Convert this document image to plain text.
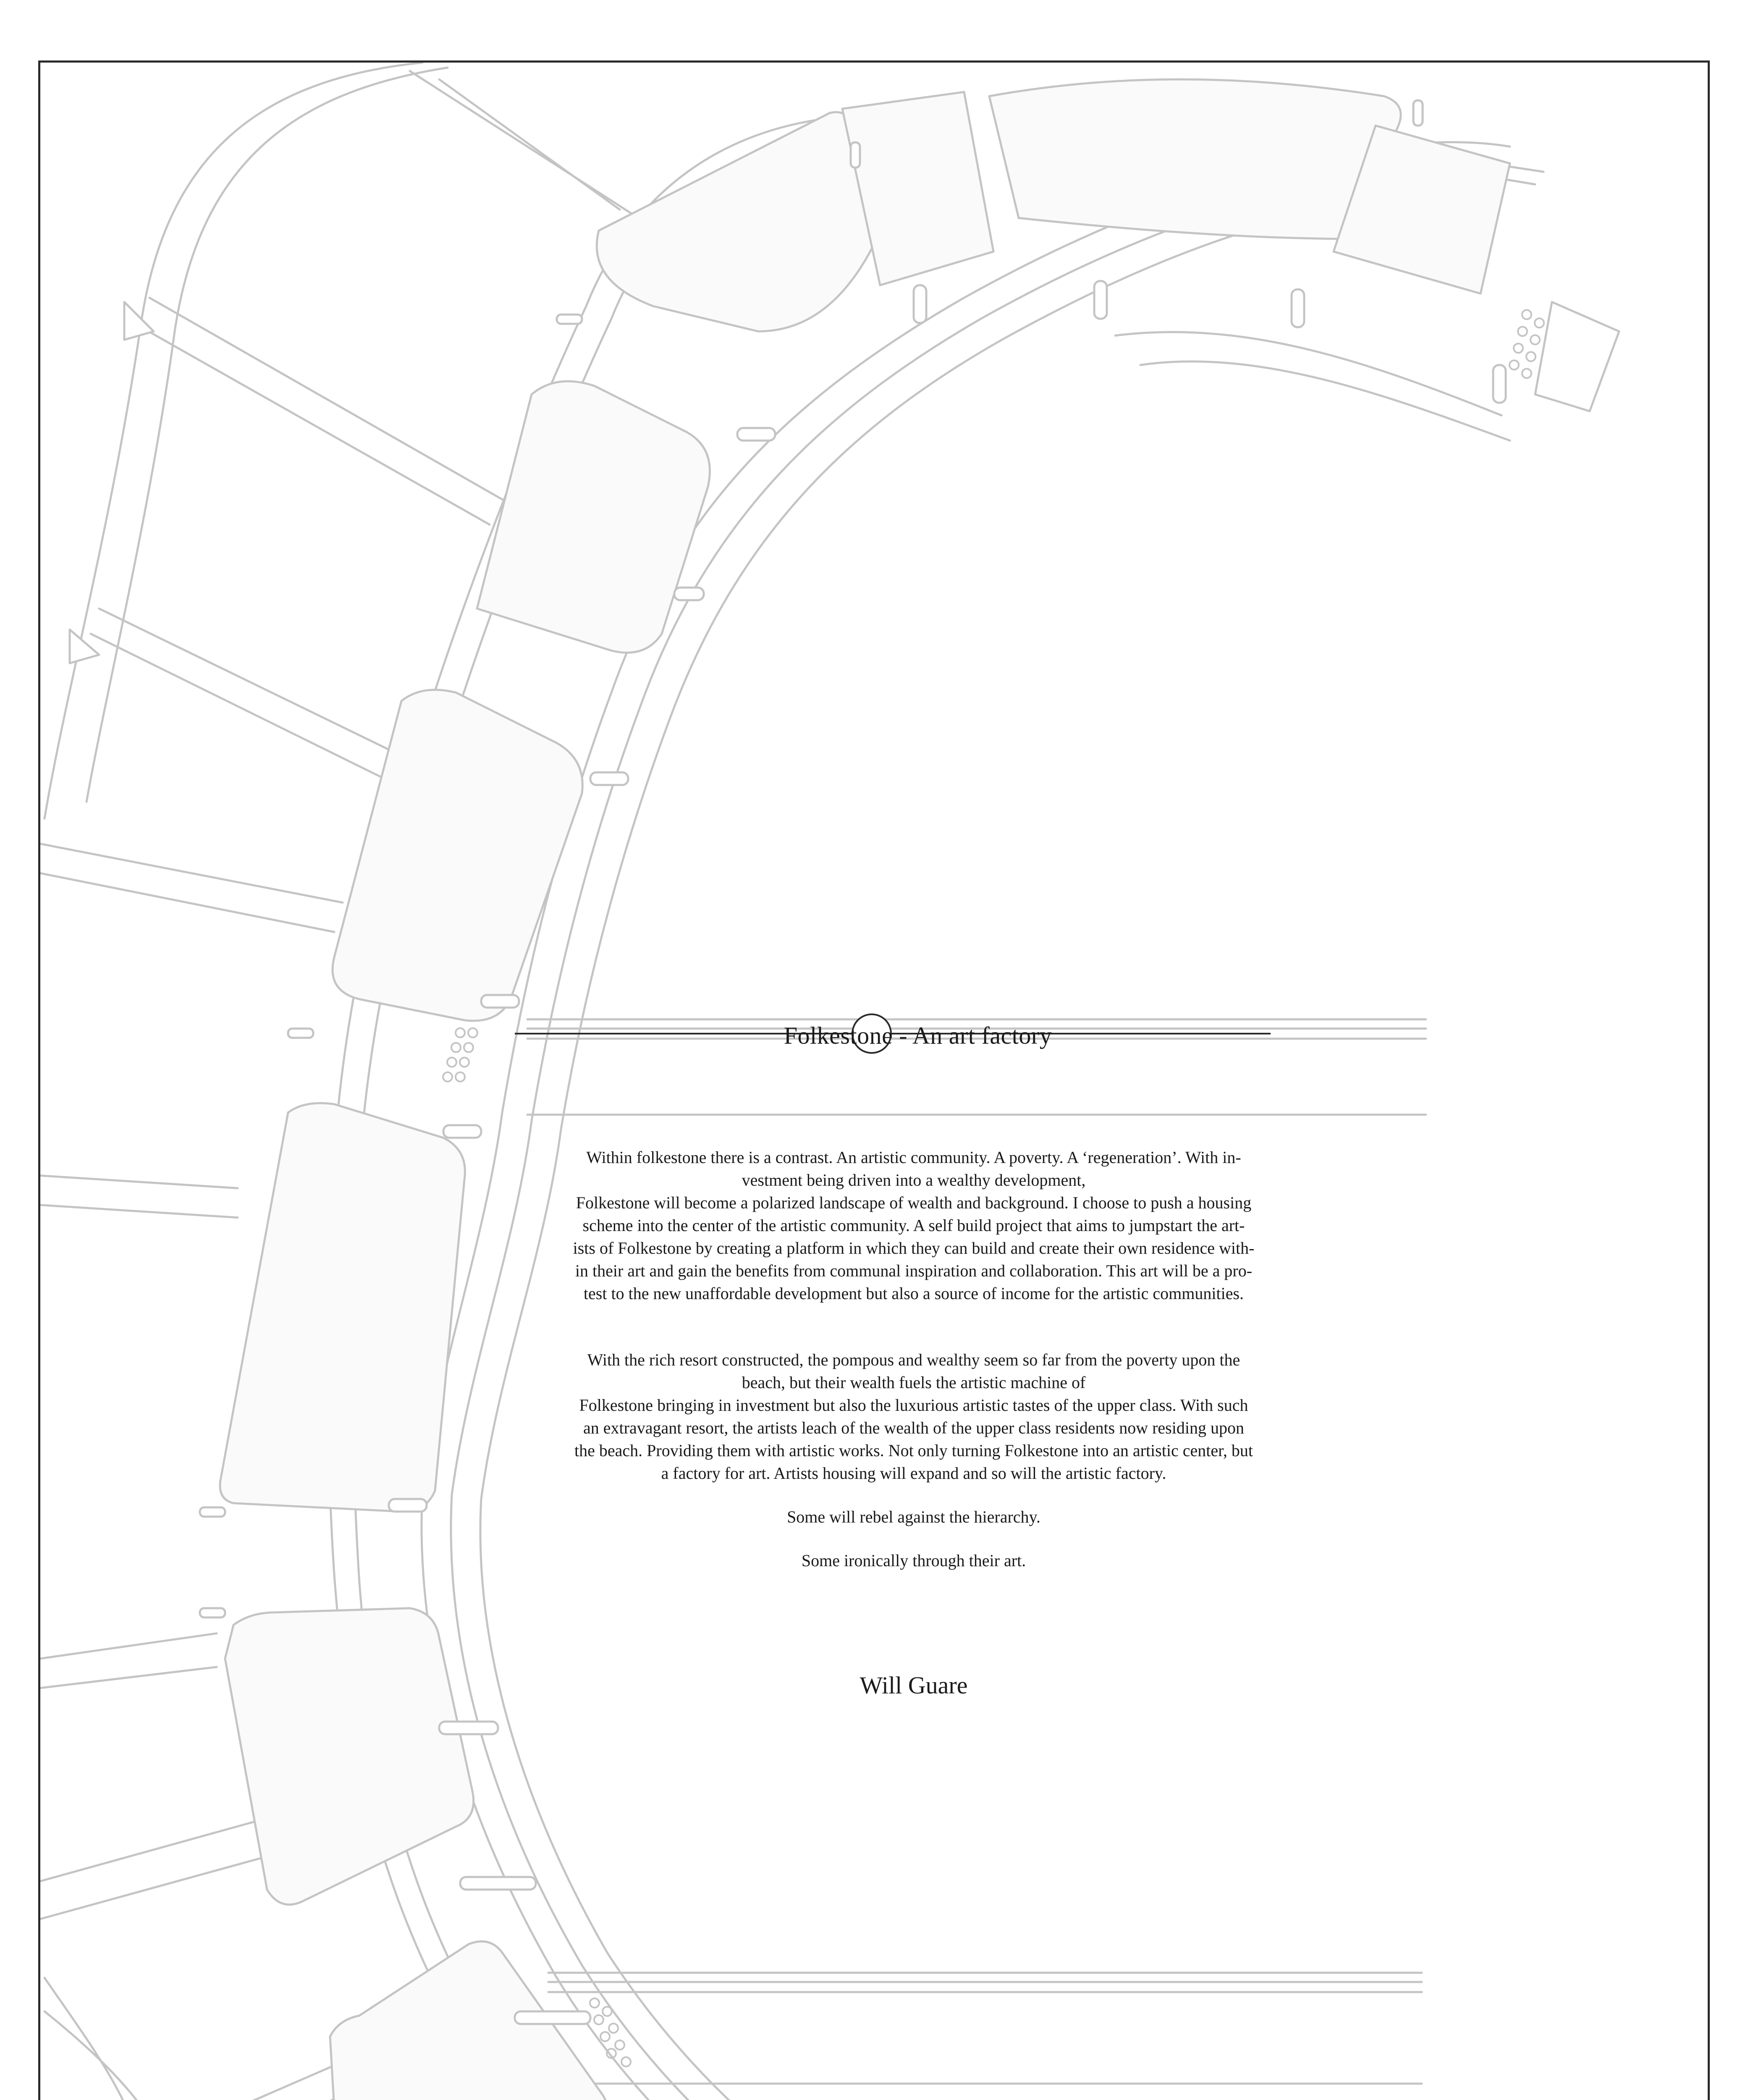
Folkestone - An art factory

Within folkestone there is a contrast. An artistic community. A poverty. A ‘regeneration’. With in-
vestment being driven into a wealthy development,
Folkestone will become a polarized landscape of wealth and background. I choose to push a housing
scheme into the center of the artistic community. A self build project that aims to jumpstart the art-
ists of Folkestone by creating a platform in which they can build and create their own residence with-
in their art and gain the benefits from communal inspiration and collaboration. This art will be a pro-
test to the new unaffordable development but also a source of income for the artistic communities.

With the rich resort constructed, the pompous and wealthy seem so far from the poverty upon the
beach, but their wealth fuels the artistic machine of
Folkestone bringing in investment but also the luxurious artistic tastes of the upper class. With such
an extravagant resort, the artists leach of the wealth of the upper class residents now residing upon
the beach. Providing them with artistic works. Not only turning Folkestone into an artistic center, but
a factory for art. Artists housing will expand and so will the artistic factory.

Some will rebel against the hierarchy.

Some ironically through their art.

Will Guare
